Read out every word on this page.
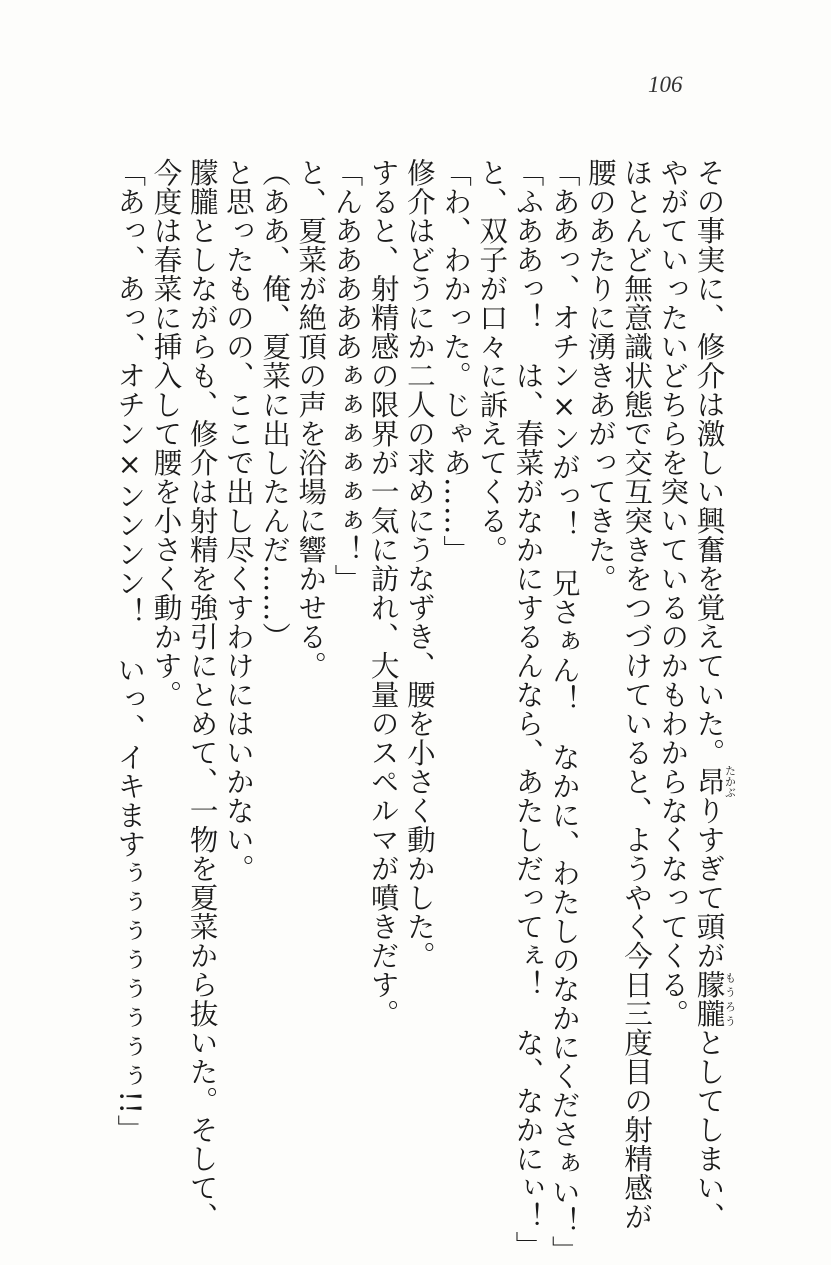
106
その事実に、修介は激しい興奮を覚えていた。昂たかぶりすぎて頭が朦朧もうろうとしてしまい、
やがていったいどちらを突いているのかもわからなくなってくる。
ほとんど無意識状態で交互突きをつづけていると、ようやく今日三度目の射精感が
腰のあたりに湧きあがってきた。
「ああっ、オチン×ンがっ！　兄さぁん！　なかに、わたしのなかにくださぁい！」
「ふああっ！　は、春菜がなかにするんなら、あたしだってぇ！　な、なかにぃ！」
と、双子が口々に訴えてくる。
「わ、わかった。じゃあ……」
修介はどうにか二人の求めにうなずき、腰を小さく動かした。
すると、射精感の限界が一気に訪れ、大量のスペルマが噴きだす。
「んあああああぁぁぁぁぁぁ！」
と、夏菜が絶頂の声を浴場に響かせる。
（ああ、俺、夏菜に出したんだ……）
と思ったものの、ここで出し尽くすわけにはいかない。
朦朧としながらも、修介は射精を強引にとめて、一物を夏菜から抜いた。そして、
今度は春菜に挿入して腰を小さく動かす。
「あっ、あっ、オチン×ンンンン！　いっ、イキますぅぅぅぅぅぅぅぅ!!」
